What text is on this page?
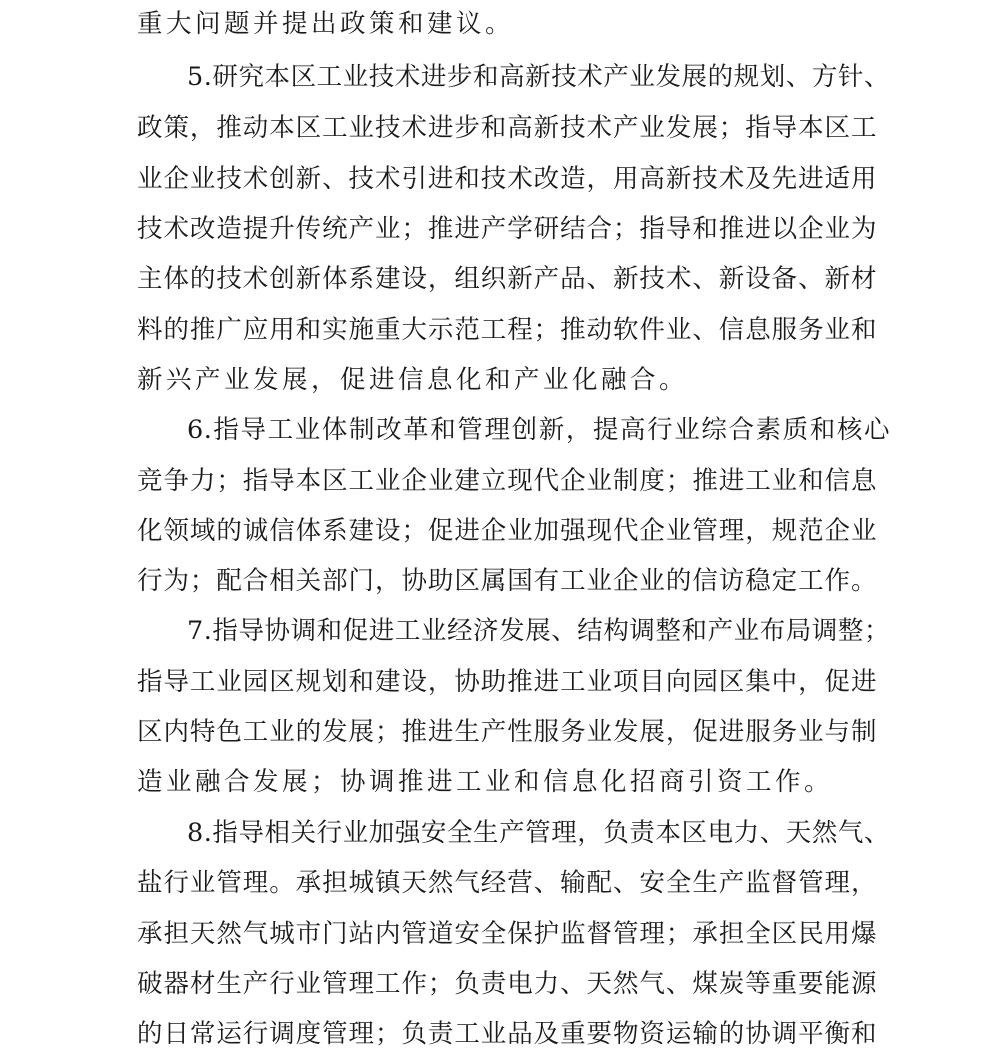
重大问题并提出政策和建议。
5.研究本区工业技术进步和高新技术产业发展的规划、方针、
政策，推动本区工业技术进步和高新技术产业发展；指导本区工
业企业技术创新、技术引进和技术改造，用高新技术及先进适用
技术改造提升传统产业；推进产学研结合；指导和推进以企业为
主体的技术创新体系建设，组织新产品、新技术、新设备、新材
料的推广应用和实施重大示范工程；推动软件业、信息服务业和
新兴产业发展，促进信息化和产业化融合。
6.指导工业体制改革和管理创新，提高行业综合素质和核心
竞争力；指导本区工业企业建立现代企业制度；推进工业和信息
化领域的诚信体系建设；促进企业加强现代企业管理，规范企业
行为；配合相关部门，协助区属国有工业企业的信访稳定工作。
7.指导协调和促进工业经济发展、结构调整和产业布局调整；
指导工业园区规划和建设，协助推进工业项目向园区集中，促进
区内特色工业的发展；推进生产性服务业发展，促进服务业与制
造业融合发展；协调推进工业和信息化招商引资工作。
8.指导相关行业加强安全生产管理，负责本区电力、天然气、
盐行业管理。承担城镇天然气经营、输配、安全生产监督管理，
承担天然气城市门站内管道安全保护监督管理；承担全区民用爆
破器材生产行业管理工作；负责电力、天然气、煤炭等重要能源
的日常运行调度管理；负责工业品及重要物资运输的协调平衡和
